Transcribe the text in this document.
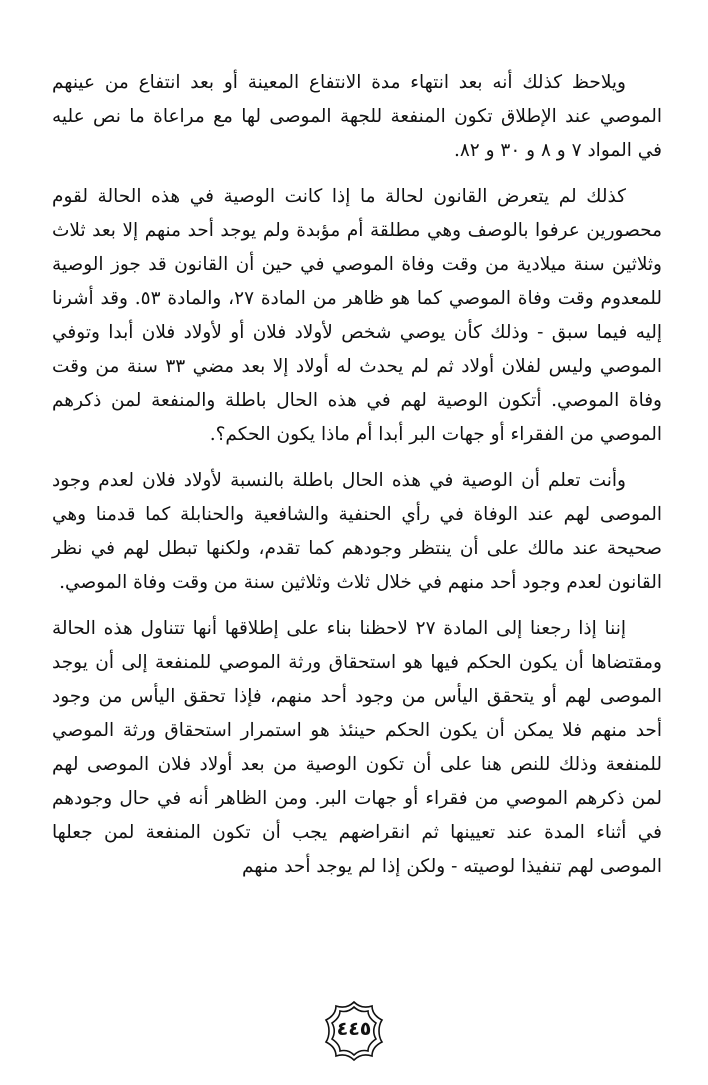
ويلاحظ كذلك أنه بعد انتهاء مدة الانتفاع المعينة أو بعد انتفاع من عينهم الموصي عند الإطلاق تكون المنفعة للجهة الموصى لها مع مراعاة ما نص عليه في المواد ٧ و ٨ و ٣٠ و ٨٢.

كذلك لم يتعرض القانون لحالة ما إذا كانت الوصية في هذه الحالة لقوم محصورين عرفوا بالوصف وهي مطلقة أم مؤبدة ولم يوجد أحد منهم إلا بعد ثلاث وثلاثين سنة ميلادية من وقت وفاة الموصي في حين أن القانون قد جوز الوصية للمعدوم وقت وفاة الموصي كما هو ظاهر من المادة ٢٧، والمادة ٥٣. وقد أشرنا إليه فيما سبق - وذلك كأن يوصي شخص لأولاد فلان أو لأولاد فلان أبدا وتوفي الموصي وليس لفلان أولاد ثم لم يحدث له أولاد إلا بعد مضي ٣٣ سنة من وقت وفاة الموصي. أتكون الوصية لهم في هذه الحال باطلة والمنفعة لمن ذكرهم الموصي من الفقراء أو جهات البر أبدا أم ماذا يكون الحكم؟.

وأنت تعلم أن الوصية في هذه الحال باطلة بالنسبة لأولاد فلان لعدم وجود الموصى لهم عند الوفاة في رأي الحنفية والشافعية والحنابلة كما قدمنا وهي صحيحة عند مالك على أن ينتظر وجودهم كما تقدم، ولكنها تبطل لهم في نظر القانون لعدم وجود أحد منهم في خلال ثلاث وثلاثين سنة من وقت وفاة الموصي.

إننا إذا رجعنا إلى المادة ٢٧ لاحظنا بناء على إطلاقها أنها تتناول هذه الحالة ومقتضاها أن يكون الحكم فيها هو استحقاق ورثة الموصي للمنفعة إلى أن يوجد الموصى لهم أو يتحقق اليأس من وجود أحد منهم، فإذا تحقق اليأس من وجود أحد منهم فلا يمكن أن يكون الحكم حينئذ هو استمرار استحقاق ورثة الموصي للمنفعة وذلك للنص هنا على أن تكون الوصية من بعد أولاد فلان الموصى لهم لمن ذكرهم الموصي من فقراء أو جهات البر. ومن الظاهر أنه في حال وجودهم في أثناء المدة عند تعيينها ثم انقراضهم يجب أن تكون المنفعة لمن جعلها الموصى لهم تنفيذا لوصيته - ولكن إذا لم يوجد أحد منهم

٤٤٥
